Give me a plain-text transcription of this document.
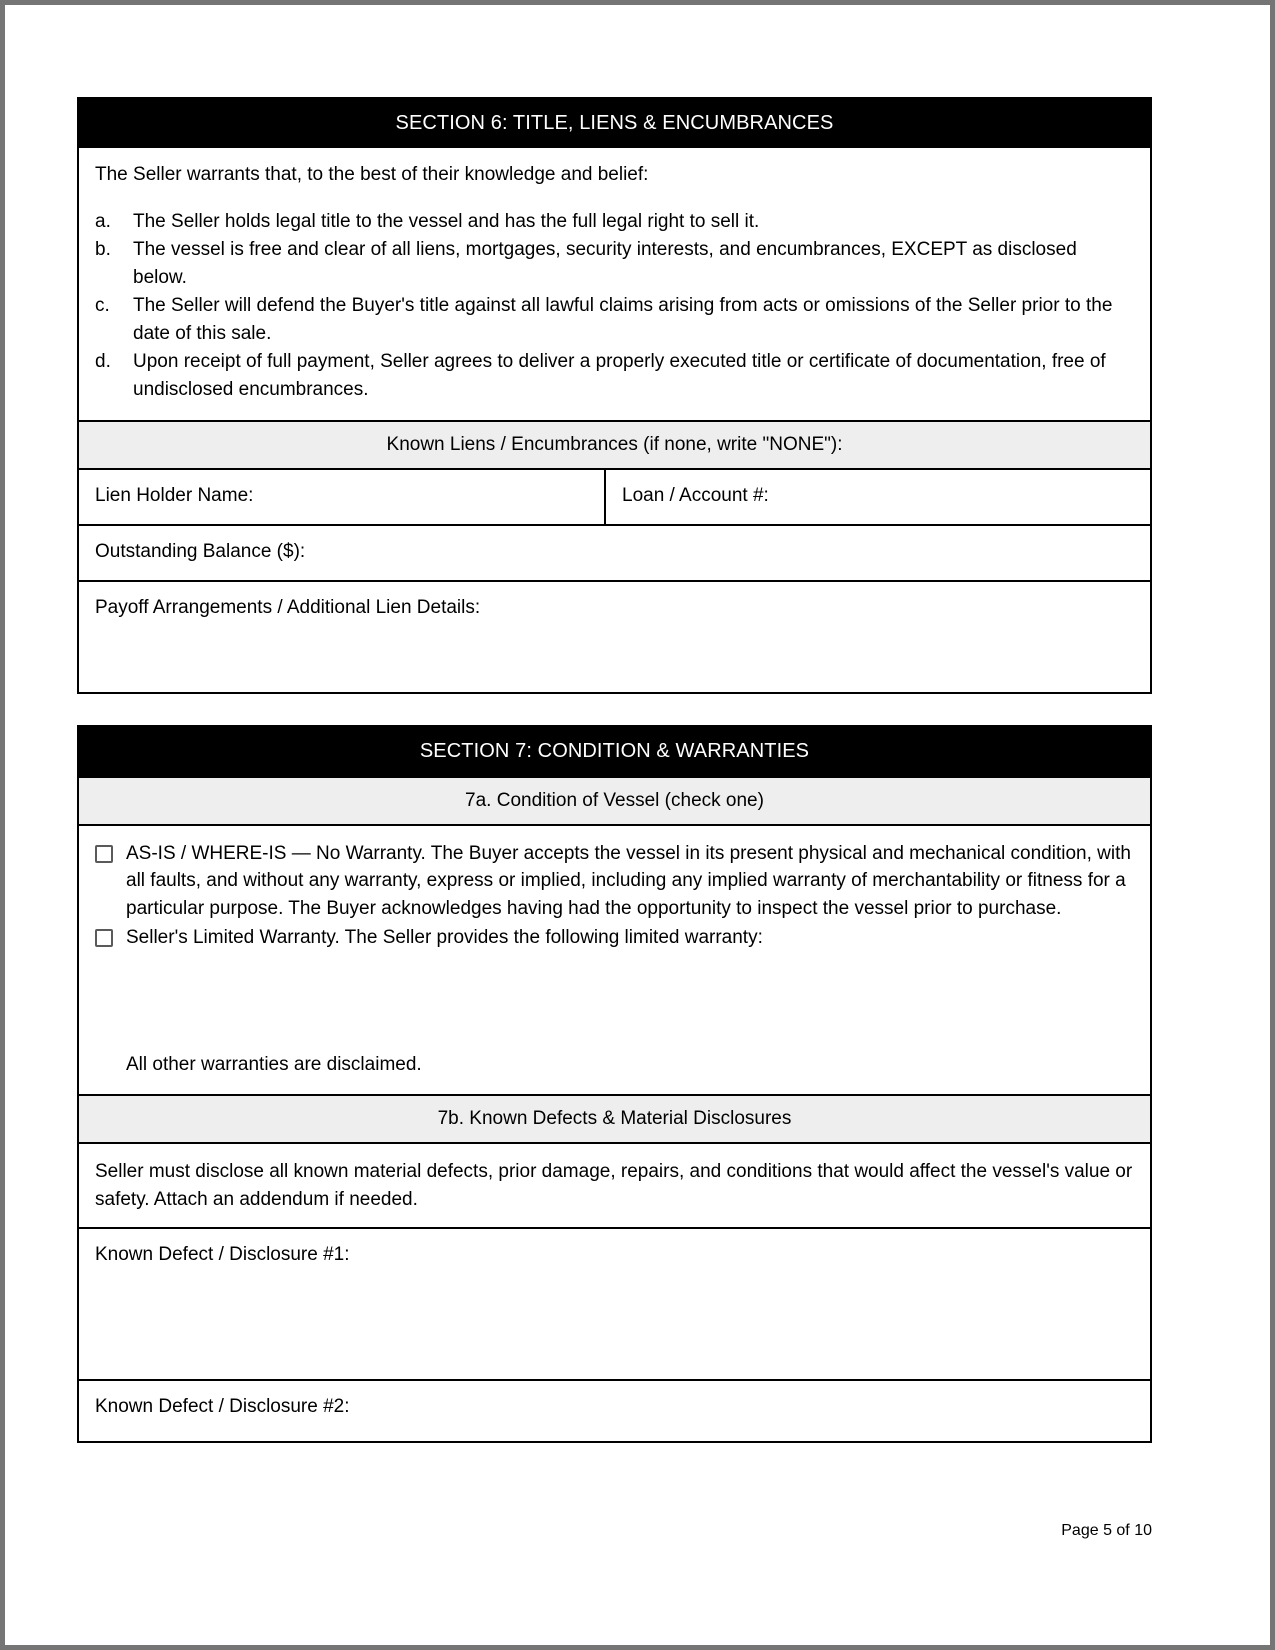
SECTION 6: TITLE, LIENS & ENCUMBRANCES

The Seller warrants that, to the best of their knowledge and belief:

a.	The Seller holds legal title to the vessel and has the full legal right to sell it.
b.	The vessel is free and clear of all liens, mortgages, security interests, and encumbrances, EXCEPT as disclosed below.
c.	The Seller will defend the Buyer's title against all lawful claims arising from acts or omissions of the Seller prior to the date of this sale.
d.	Upon receipt of full payment, Seller agrees to deliver a properly executed title or certificate of documentation, free of undisclosed encumbrances.
Known Liens / Encumbrances (if none, write "NONE"):
Lien Holder Name:	Loan / Account #:
Outstanding Balance ($):
Payoff Arrangements / Additional Lien Details:
SECTION 7: CONDITION & WARRANTIES
7a. Condition of Vessel (check one)
AS-IS / WHERE-IS — No Warranty. The Buyer accepts the vessel in its present physical and mechanical condition, with all faults, and without any warranty, express or implied, including any implied warranty of merchantability or fitness for a particular purpose. The Buyer acknowledges having had the opportunity to inspect the vessel prior to purchase.
Seller's Limited Warranty. The Seller provides the following limited warranty:
All other warranties are disclaimed.
7b. Known Defects & Material Disclosures
Seller must disclose all known material defects, prior damage, repairs, and conditions that would affect the vessel's value or safety. Attach an addendum if needed.
Known Defect / Disclosure #1:
Known Defect / Disclosure #2:
Page 5 of 10
